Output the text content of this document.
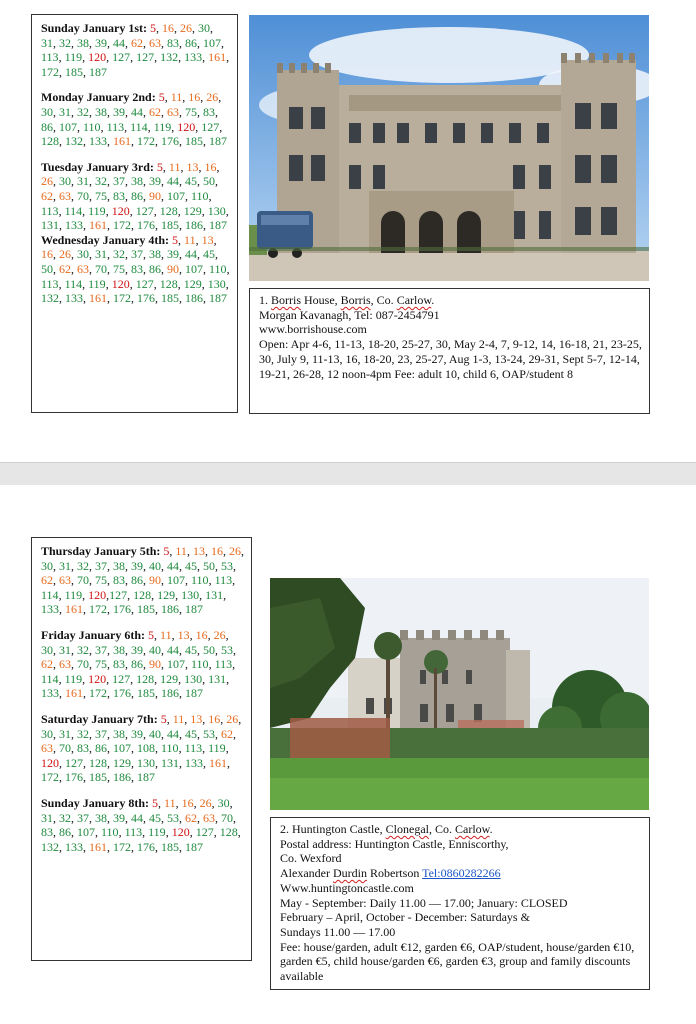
Sunday January 1st: 5, 16, 26, 30, 31, 32, 38, 39, 44, 62, 63, 83, 86, 107, 113, 119, 120, 127, 127, 132, 133, 161, 172, 185, 187
Monday January 2nd: 5, 11, 16, 26, 30, 31, 32, 38, 39, 44, 62, 63, 75, 83, 86, 107, 110, 113, 114, 119, 120, 127, 128, 132, 133, 161, 172, 176, 185, 187
Tuesday January 3rd: 5, 11, 13, 16, 26, 30, 31, 32, 37, 38, 39, 44, 45, 50, 62, 63, 70, 75, 83, 86, 90, 107, 110, 113, 114, 119, 120, 127, 128, 129, 130, 131, 133, 161, 172, 176, 185, 186, 187
Wednesday January 4th: 5, 11, 13, 16, 26, 30, 31, 32, 37, 38, 39, 44, 45, 50, 62, 63, 70, 75, 83, 86, 90, 107, 110, 113, 114, 119, 120, 127, 128, 129, 130, 132, 133, 161, 172, 176, 185, 186, 187	1. Borris House, Borris, Co. Carlow.
Morgan Kavanagh, Tel: 087-2454791
www.borrishouse.com
Open: Apr 4-6, 11-13, 18-20, 25-27, 30, May 2-4, 7, 9-12, 14, 16-18, 21, 23-25, 30, July 9, 11-13, 16, 18-20, 23, 25-27, Aug 1-3, 13-24, 29-31, Sept 5-7, 12-14, 19-21, 26-28, 12 noon-4pm Fee: adult 10, child 6, OAP/student 8
Thursday January 5th: 5, 11, 13, 16, 26, 30, 31, 32, 37, 38, 39, 40, 44, 45, 50, 53, 62, 63, 70, 75, 83, 86, 90, 107, 110, 113, 114, 119, 120,127, 128, 129, 130, 131, 133, 161, 172, 176, 185, 186, 187
Friday January 6th: 5, 11, 13, 16, 26, 30, 31, 32, 37, 38, 39, 40, 44, 45, 50, 53, 62, 63, 70, 75, 83, 86, 90, 107, 110, 113, 114, 119, 120, 127, 128, 129, 130, 131, 133, 161, 172, 176, 185, 186, 187
Saturday January 7th: 5, 11, 13, 16, 26, 30, 31, 32, 37, 38, 39, 40, 44, 45, 53, 62, 63, 70, 83, 86, 107, 108, 110, 113, 119, 120, 127, 128, 129, 130, 131, 133, 161, 172, 176, 185, 186, 187
Sunday January 8th: 5, 11, 16, 26, 30, 31, 32, 37, 38, 39, 44, 45, 53, 62, 63, 70, 83, 86, 107, 110, 113, 119, 120, 127, 128, 132, 133, 161, 172, 176, 185, 187
2. Huntington Castle, Clonegal, Co. Carlow.
Postal address: Huntington Castle, Enniscorthy,
Co. Wexford
Alexander Durdin Robertson Tel:0860282266
Www.huntingtoncastle.com
May - September: Daily 11.00 — 17.00; January: CLOSED
February – April, October - December: Saturdays &
Sundays 11.00 — 17.00
Fee: house/garden, adult €12, garden €6, OAP/student, house/garden €10, garden €5, child house/garden €6, garden €3, group and family discounts available
